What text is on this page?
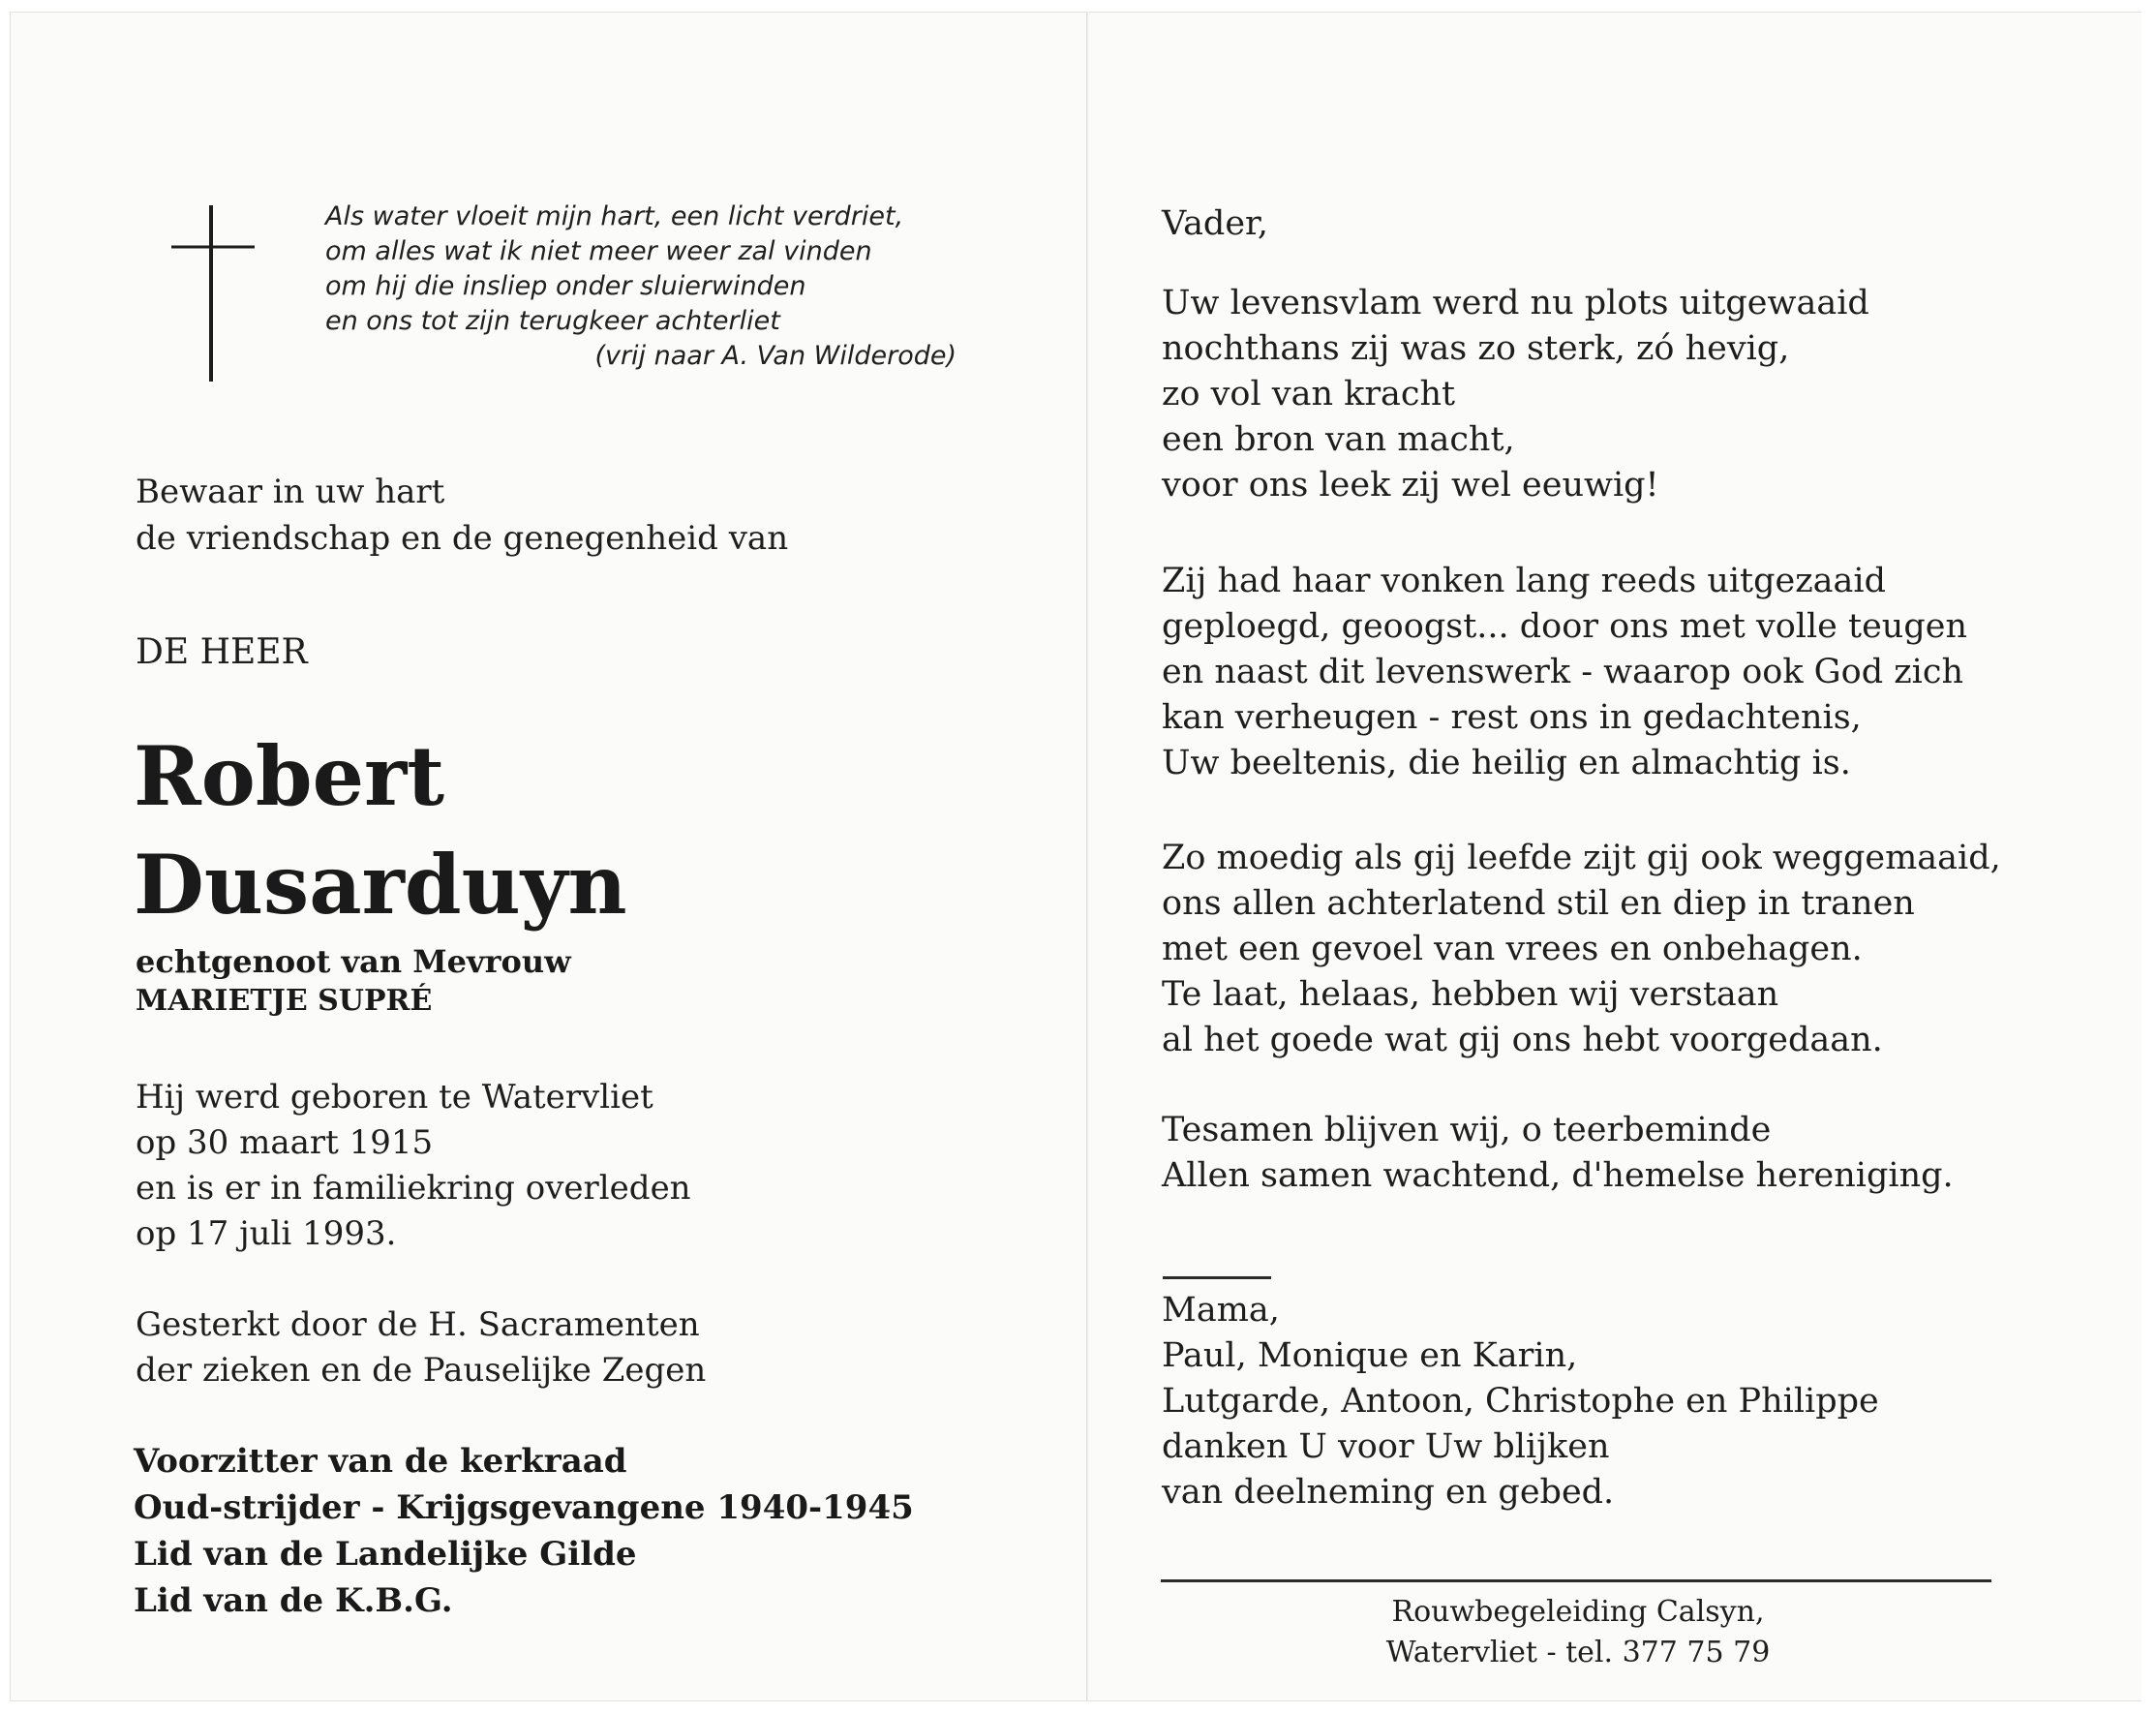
Als water vloeit mijn hart, een licht verdriet,
om alles wat ik niet meer weer zal vinden
om hij die insliep onder sluierwinden
en ons tot zijn terugkeer achterliet
(vrij naar A. Van Wilderode)
Bewaar in uw hart
de vriendschap en de genegenheid van
DE HEER
Robert
Dusarduyn
echtgenoot van Mevrouw
MARIETJE SUPRÉ
Hij werd geboren te Watervliet
op 30 maart 1915
en is er in familiekring overleden
op 17 juli 1993.
Gesterkt door de H. Sacramenten
der zieken en de Pauselijke Zegen
Voorzitter van de kerkraad
Oud-strijder - Krijgsgevangene 1940-1945
Lid van de Landelijke Gilde
Lid van de K.B.G.
Vader,
Uw levensvlam werd nu plots uitgewaaid
nochthans zij was zo sterk, zó hevig,
zo vol van kracht
een bron van macht,
voor ons leek zij wel eeuwig!
Zij had haar vonken lang reeds uitgezaaid
geploegd, geoogst... door ons met volle teugen
en naast dit levenswerk - waarop ook God zich
kan verheugen - rest ons in gedachtenis,
Uw beeltenis, die heilig en almachtig is.
Zo moedig als gij leefde zijt gij ook weggemaaid,
ons allen achterlatend stil en diep in tranen
met een gevoel van vrees en onbehagen.
Te laat, helaas, hebben wij verstaan
al het goede wat gij ons hebt voorgedaan.
Tesamen blijven wij, o teerbeminde
Allen samen wachtend, d'hemelse hereniging.
Mama,
Paul, Monique en Karin,
Lutgarde, Antoon, Christophe en Philippe
danken U voor Uw blijken
van deelneming en gebed.
Rouwbegeleiding Calsyn,
Watervliet - tel. 377 75 79
